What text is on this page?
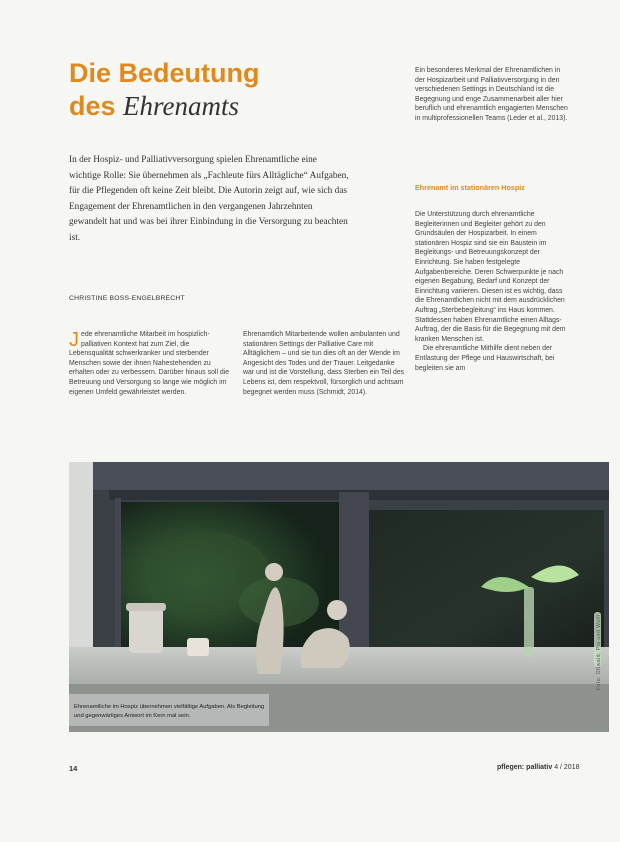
Die Bedeutung
des Ehrenamts

In der Hospiz- und Palliativversorgung spielen Ehrenamtliche eine wichtige Rolle: Sie übernehmen als „Fachleute fürs Alltägliche“ Aufgaben, für die Pflegenden oft keine Zeit bleibt. Die Autorin zeigt auf, wie sich das Engagement der Ehrenamtlichen in den vergangenen Jahrzehnten gewandelt hat und was bei ihrer Einbindung in die Versorgung zu beachten ist.

CHRISTINE BOSS-ENGELBRECHT

Jede ehrenamtliche Mitarbeit im hospizlich-palliativen Kontext hat zum Ziel, die Lebensqualität schwerkranker und sterbender Menschen sowie der ihnen Nahestehenden zu erhalten oder zu verbessern. Darüber hinaus soll die Betreuung und Versorgung so lange wie möglich im eigenen Umfeld gewährleistet werden.

Ehrenamtlich Mitarbeitende wollen ambulanten und stationären Settings der Palliative Care mit Alltäglichem – und sie tun dies oft an der Wende im Angesicht des Todes und der Trauer. Leitgedanke war und ist die Vorstellung, dass Sterben ein Teil des Lebens ist, dem respektvoll, fürsorglich und achtsam begegnet werden muss (Schmidt, 2014).

Ein besonderes Merkmal der Ehrenamtlichen in der Hospizarbeit und Palliativversorgung in den verschiedenen Settings in Deutschland ist die Begegnung und enge Zusammenarbeit aller hier beruflich und ehrenamtlich engagierten Menschen in multiprofessionellen Teams (Leder et al., 2013).

Ehrenamt im stationären Hospiz

Die Unterstützung durch ehrenamtliche Begleiterinnen und Begleiter gehört zu den Grundsäulen der Hospizarbeit. In einem stationären Hospiz sind sie ein Baustein im Begleitungs- und Betreuungskonzept der Einrichtung. Sie haben festgelegte Aufgabenbereiche. Deren Schwerpunkte je nach eigenen Begabung, Bedarf und Konzept der Einrichtung variieren. Diesen ist es wichtig, dass die Ehrenamtlichen nicht mit dem ausdrücklichen Auftrag „Sterbebegleitung“ ins Haus kommen. Stattdessen haben Ehrenamtliche einen Alltags-Auftrag, der die Basis für die Begegnung mit dem kranken Menschen ist.

Die ehrenamtliche Mithilfe dient neben der Entlastung der Pflege und Hauswirtschaft, bei begleiten sie am

Ehrenamtliche im Hospiz übernehmen vielfältige Aufgaben. Als Begleitung und gegenwärtiges Antwort im Kern mal sein.

Foto: Oßwald, Pia und Wolff
14	pflegen: palliativ 4 / 2018
